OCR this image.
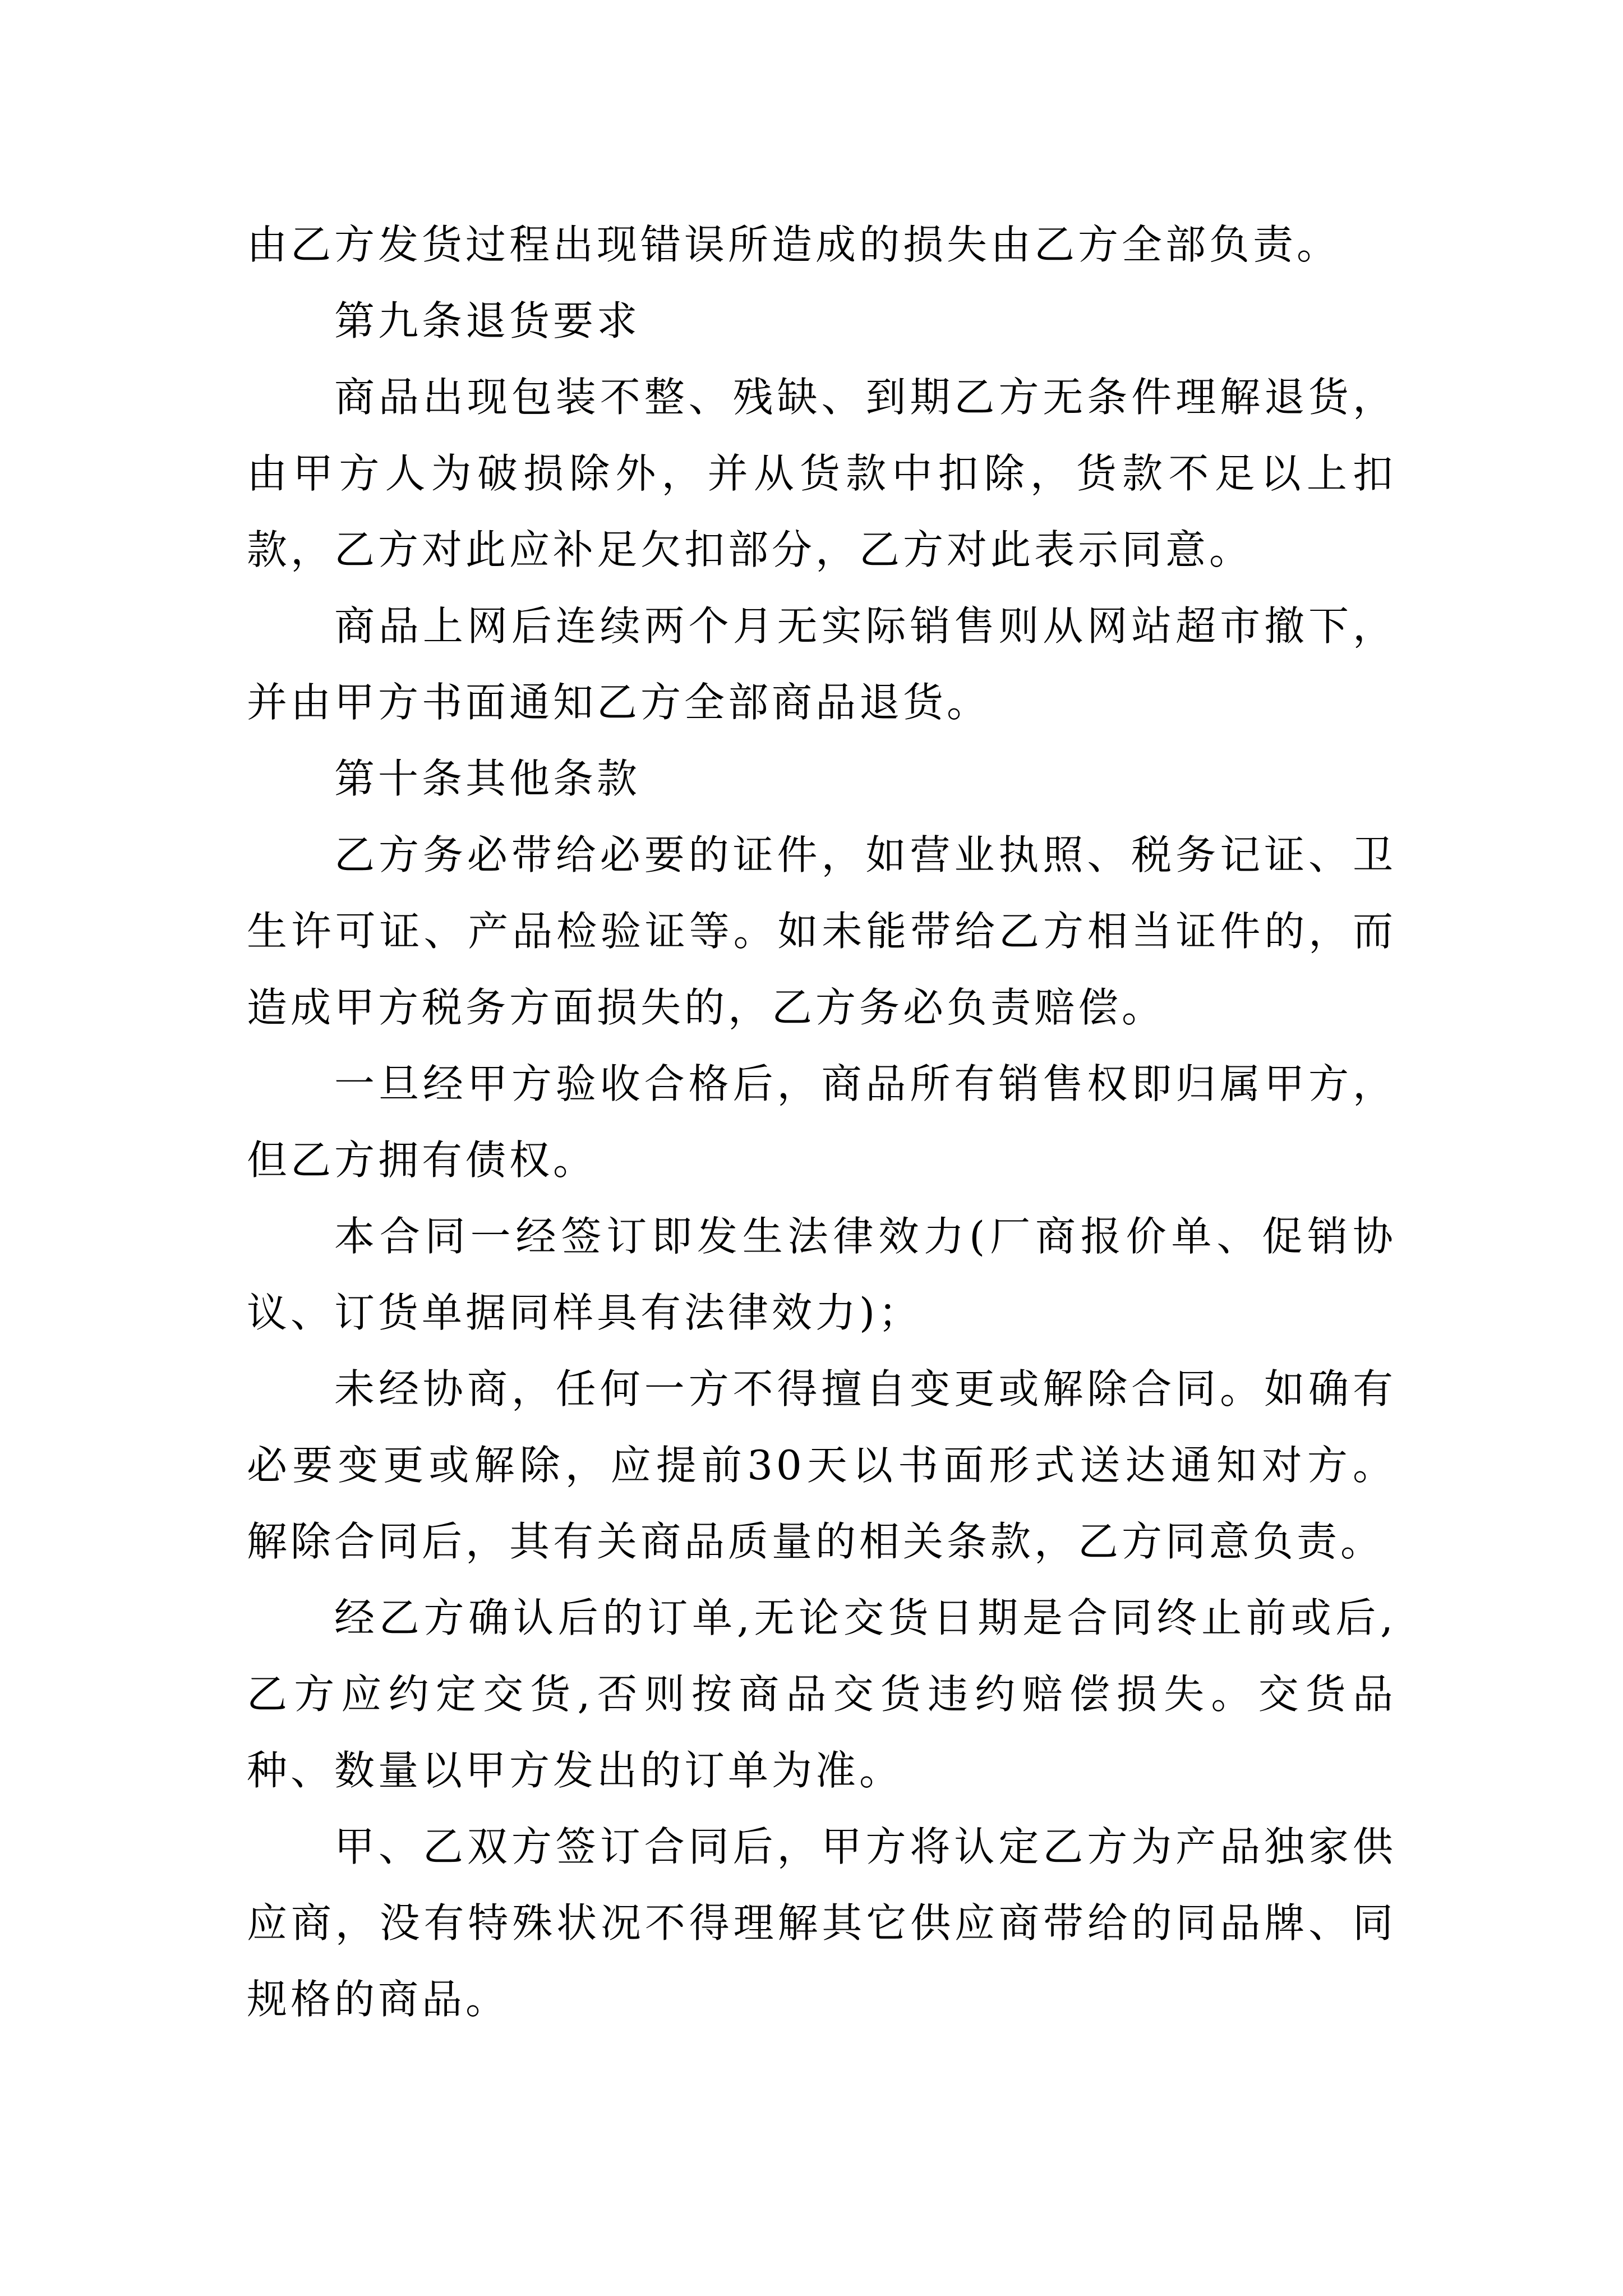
由乙方发货过程出现错误所造成的损失由乙方全部负责。

第九条退货要求

商品出现包装不整、残缺、到期乙方无条件理解退货，由甲方人为破损除外，并从货款中扣除，货款不足以上扣款，乙方对此应补足欠扣部分，乙方对此表示同意。

商品上网后连续两个月无实际销售则从网站超市撤下，并由甲方书面通知乙方全部商品退货。

第十条其他条款

乙方务必带给必要的证件，如营业执照、税务记证、卫生许可证、产品检验证等。如未能带给乙方相当证件的，而造成甲方税务方面损失的，乙方务必负责赔偿。

一旦经甲方验收合格后，商品所有销售权即归属甲方，但乙方拥有债权。

本合同一经签订即发生法律效力(厂商报价单、促销协议、订货单据同样具有法律效力)；

未经协商，任何一方不得擅自变更或解除合同。如确有必要变更或解除，应提前30天以书面形式送达通知对方。解除合同后，其有关商品质量的相关条款，乙方同意负责。

经乙方确认后的订单,无论交货日期是合同终止前或后,乙方应约定交货,否则按商品交货违约赔偿损失。交货品种、数量以甲方发出的订单为准。

甲、乙双方签订合同后，甲方将认定乙方为产品独家供应商，没有特殊状况不得理解其它供应商带给的同品牌、同规格的商品。
